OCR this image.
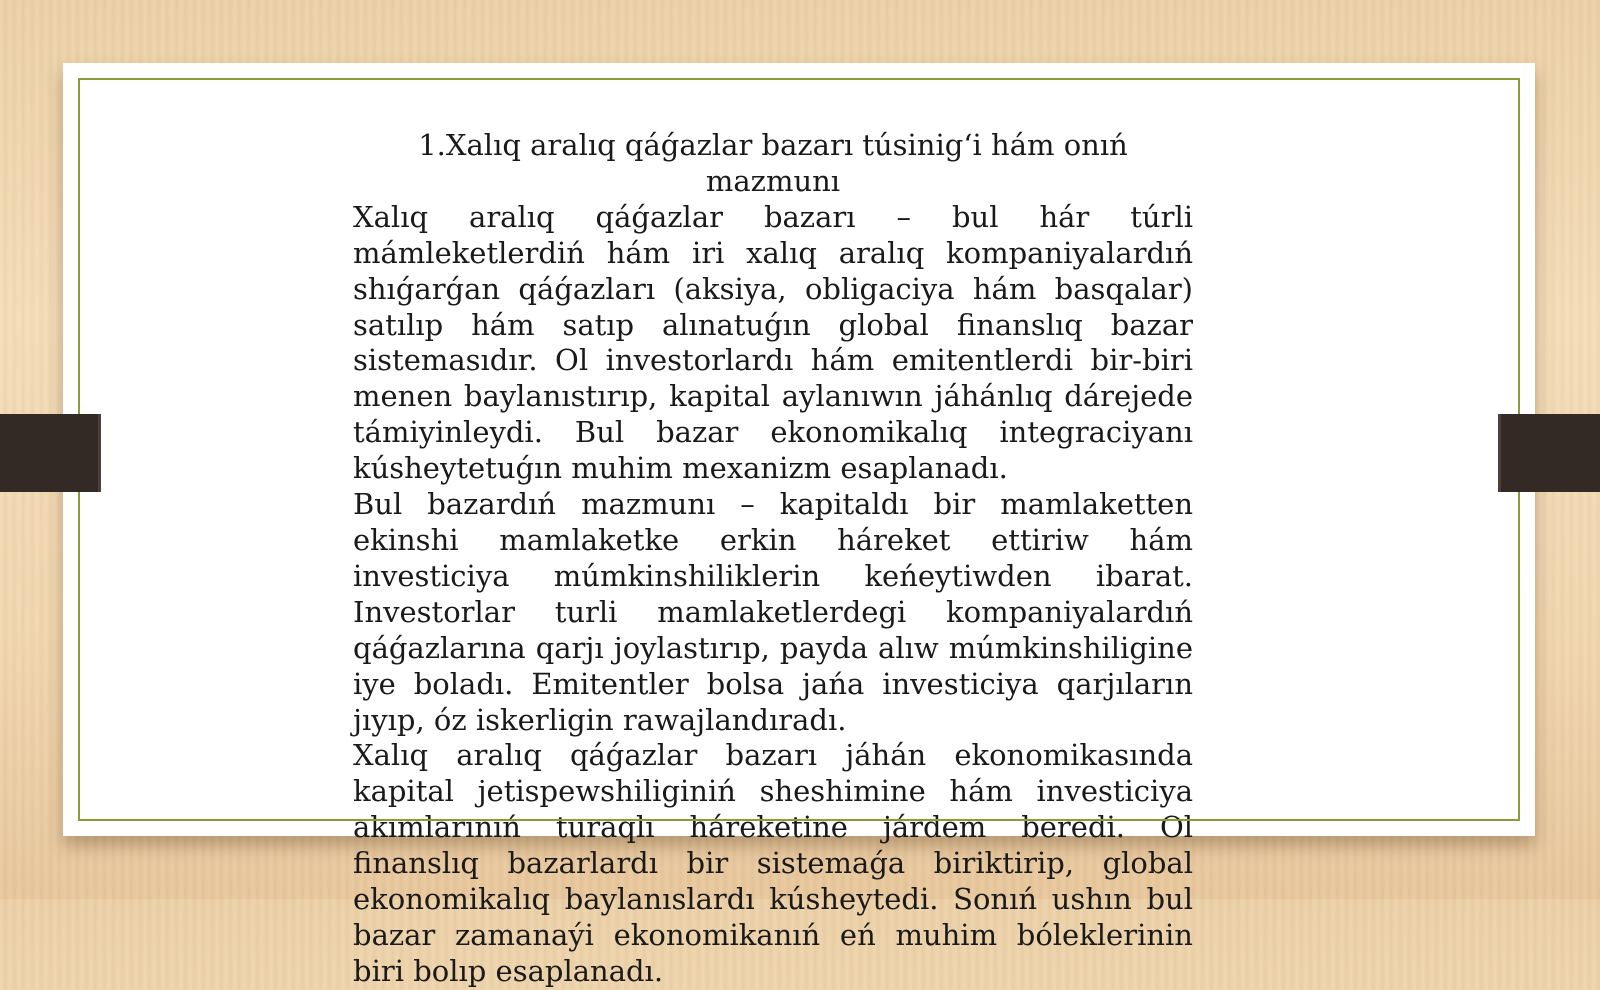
1.Xalıq aralıq qáǵazlar bazarı túsinigʻi hám onıń mazmunı

Xalıq aralıq qáǵazlar bazarı – bul hár túrli mámleketlerdiń hám iri xalıq aralıq kompaniyalardıń shıǵarǵan qáǵazları (aksiya, obligaciya hám basqalar) satılıp hám satıp alınatuǵın global finanslıq bazar sistemasıdır. Ol investorlardı hám emitentlerdi bir-biri menen baylanıstırıp, kapital aylanıwın jáhánlıq dárejede támiyinleydi. Bul bazar ekonomikalıq integraciyanı kúsheytetuǵın muhim mexanizm esaplanadı.

Bul bazardıń mazmunı – kapitaldı bir mamlaketten ekinshi mamlaketke erkin háreket ettiriw hám investiciya múmkinshiliklerin keńeytiwden ibarat. Investorlar turli mamlaketlerdegi kompaniyalardıń qáǵazlarına qarjı joylastırıp, payda alıw múmkinshiligine iye boladı. Emitentler bolsa jańa investiciya qarjıların jıyıp, óz iskerligin rawajlandıradı.

Xalıq aralıq qáǵazlar bazarı jáhán ekonomikasında kapital jetispewshiliginiń sheshimine hám investiciya akımlarınıń turaqlı háreketine járdem beredi. Ol finanslıq bazarlardı bir sistemaǵa biriktirip, global ekonomikalıq baylanıslardı kúsheytedi. Sonıń ushın bul bazar zamanaýi ekonomikanıń eń muhim bóleklerinin biri bolıp esaplanadı.
